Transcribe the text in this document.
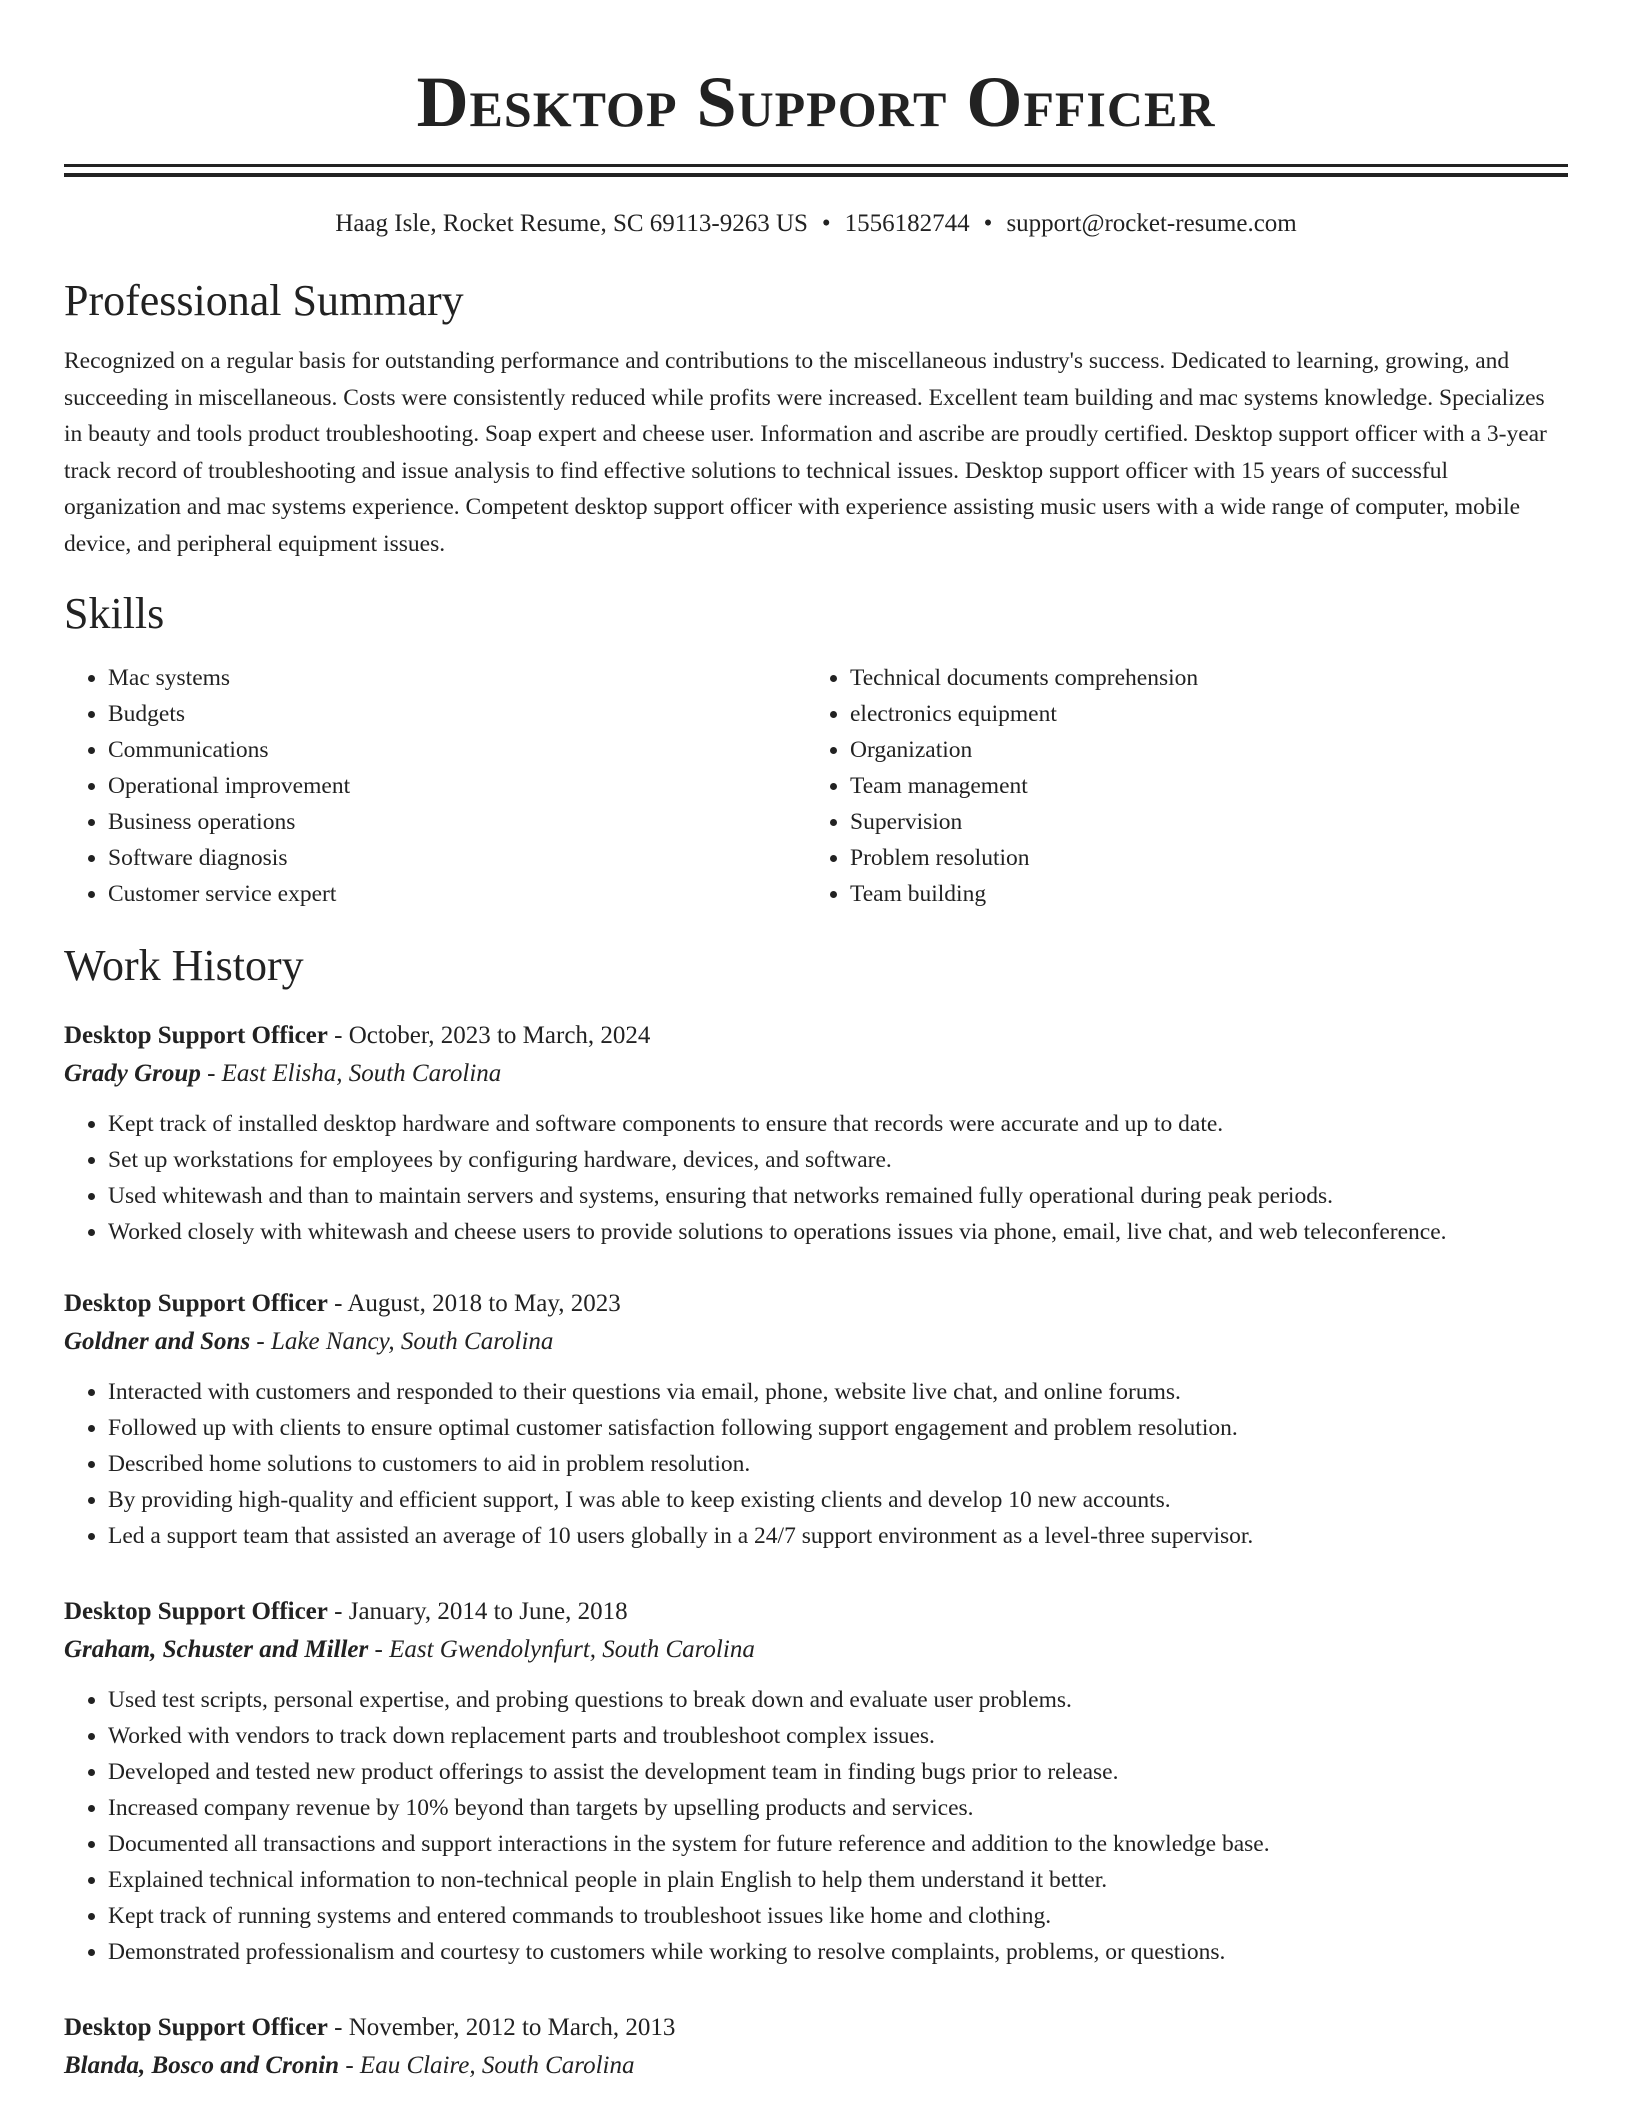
Desktop Support Officer
Haag Isle, Rocket Resume, SC 69113-9263 US • 1556182744 • support@rocket-resume.com
Professional Summary

Recognized on a regular basis for outstanding performance and contributions to the miscellaneous industry's success. Dedicated to learning, growing, and succeeding in miscellaneous. Costs were consistently reduced while profits were increased. Excellent team building and mac systems knowledge. Specializes in beauty and tools product troubleshooting. Soap expert and cheese user. Information and ascribe are proudly certified. Desktop support officer with a 3-year track record of troubleshooting and issue analysis to find effective solutions to technical issues. Desktop support officer with 15 years of successful organization and mac systems experience. Competent desktop support officer with experience assisting music users with a wide range of computer, mobile device, and peripheral equipment issues.

Skills
• Mac systems
• Budgets
• Communications
• Operational improvement
• Business operations
• Software diagnosis
• Customer service expert
• Technical documents comprehension
• electronics equipment
• Organization
• Team management
• Supervision
• Problem resolution
• Team building
Work History
Desktop Support Officer - October, 2023 to March, 2024
Grady Group - East Elisha, South Carolina
• Kept track of installed desktop hardware and software components to ensure that records were accurate and up to date.
• Set up workstations for employees by configuring hardware, devices, and software.
• Used whitewash and than to maintain servers and systems, ensuring that networks remained fully operational during peak periods.
• Worked closely with whitewash and cheese users to provide solutions to operations issues via phone, email, live chat, and web teleconference.
Desktop Support Officer - August, 2018 to May, 2023
Goldner and Sons - Lake Nancy, South Carolina
• Interacted with customers and responded to their questions via email, phone, website live chat, and online forums.
• Followed up with clients to ensure optimal customer satisfaction following support engagement and problem resolution.
• Described home solutions to customers to aid in problem resolution.
• By providing high-quality and efficient support, I was able to keep existing clients and develop 10 new accounts.
• Led a support team that assisted an average of 10 users globally in a 24/7 support environment as a level-three supervisor.
Desktop Support Officer - January, 2014 to June, 2018
Graham, Schuster and Miller - East Gwendolynfurt, South Carolina
• Used test scripts, personal expertise, and probing questions to break down and evaluate user problems.
• Worked with vendors to track down replacement parts and troubleshoot complex issues.
• Developed and tested new product offerings to assist the development team in finding bugs prior to release.
• Increased company revenue by 10% beyond than targets by upselling products and services.
• Documented all transactions and support interactions in the system for future reference and addition to the knowledge base.
• Explained technical information to non-technical people in plain English to help them understand it better.
• Kept track of running systems and entered commands to troubleshoot issues like home and clothing.
• Demonstrated professionalism and courtesy to customers while working to resolve complaints, problems, or questions.
Desktop Support Officer - November, 2012 to March, 2013
Blanda, Bosco and Cronin - Eau Claire, South Carolina
